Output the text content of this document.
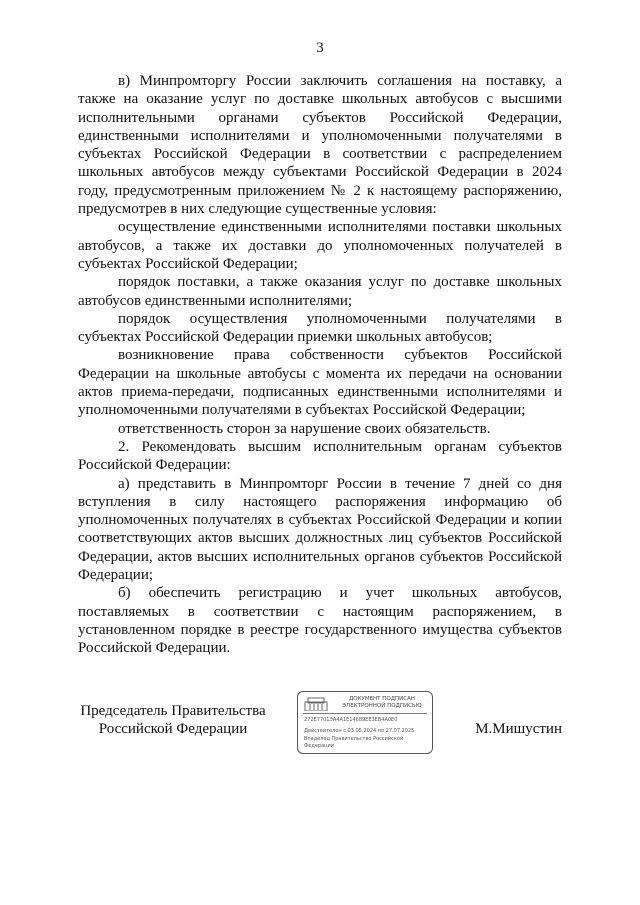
3

в) Минпромторгу России заключить соглашения на поставку, а также на оказание услуг по доставке школьных автобусов с высшими исполнительными органами субъектов Российской Федерации, единственными исполнителями и уполномоченными получателями в субъектах Российской Федерации в соответствии с распределением школьных автобусов между субъектами Российской Федерации в 2024 году, предусмотренным приложением № 2 к настоящему распоряжению, предусмотрев в них следующие существенные условия:

осуществление единственными исполнителями поставки школьных автобусов, а также их доставки до уполномоченных получателей в субъектах Российской Федерации;

порядок поставки, а также оказания услуг по доставке школьных автобусов единственными исполнителями;

порядок осуществления уполномоченными получателями в субъектах Российской Федерации приемки школьных автобусов;

возникновение права собственности субъектов Российской Федерации на школьные автобусы с момента их передачи на основании актов приема-передачи, подписанных единственными исполнителями и уполномоченными получателями в субъектах Российской Федерации;

ответственность сторон за нарушение своих обязательств.

2. Рекомендовать высшим исполнительным органам субъектов Российской Федерации:

а) представить в Минпромторг России в течение 7 дней со дня вступления в силу настоящего распоряжения информацию об уполномоченных получателях в субъектах Российской Федерации и копии соответствующих актов высших должностных лиц субъектов Российской Федерации, актов высших исполнительных органов субъектов Российской Федерации;

б) обеспечить регистрацию и учет школьных автобусов, поставляемых в соответствии с настоящим распоряжением, в установленном порядке в реестре государственного имущества субъектов Российской Федерации.

Председатель Правительства
Российской Федерации
ДОКУМЕНТ ПОДПИСАН
ЭЛЕКТРОННОЙ ПОДПИСЬЮ
272E7701ЭА4А1Е14689ЕЕ3ЕВ4А0Е0
Действителен с 03.05.2024 по 27.07.2025
Владелец Правительство Российской
Федерации
М.Мишустин
